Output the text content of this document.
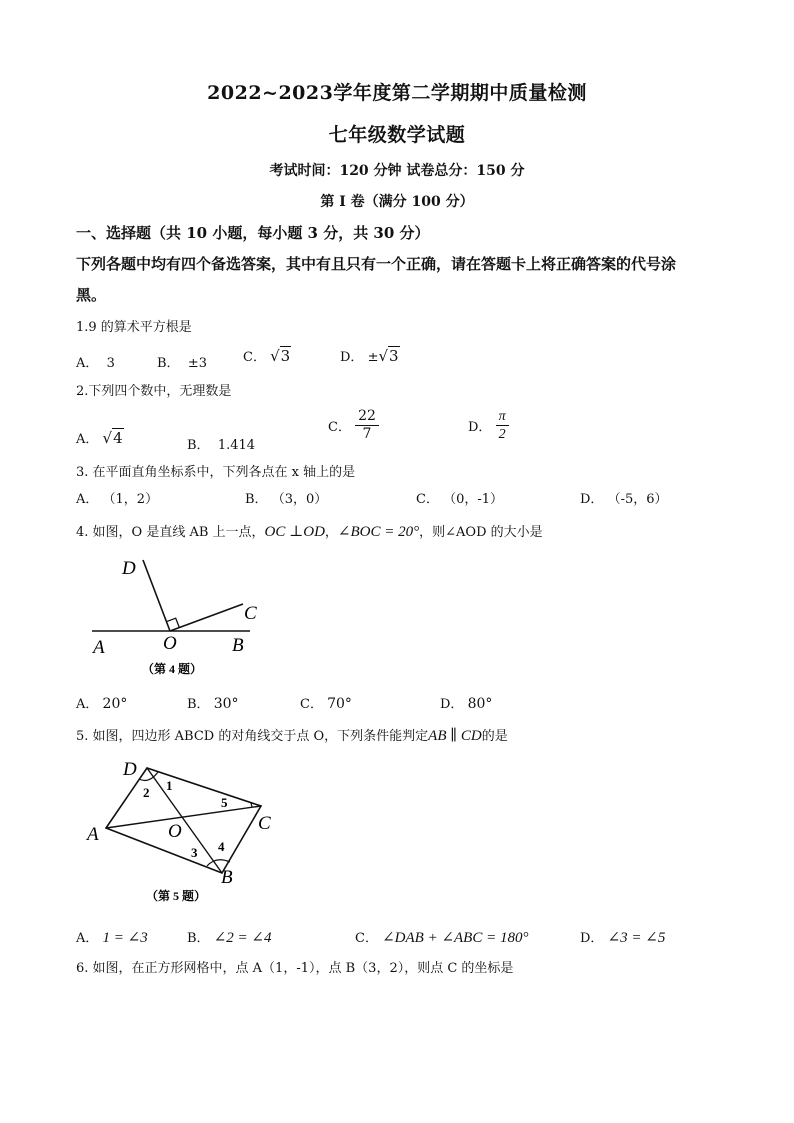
2022~2023学年度第二学期期中质量检测
七年级数学试题
考试时间：120 分钟 试卷总分：150 分
第 I 卷（满分 100 分）
一、选择题（共 10 小题，每小题 3 分，共 30 分）
下列各题中均有四个备选答案，其中有且只有一个正确，请在答题卡上将正确答案的代号涂
黑。
1.9 的算术平方根是
A． 3	B． ±3	C． √3	D． ±√3
2.下列四个数中，无理数是
A． √4	B． 1.414
C． $\frac{22}{7}$	D． $\frac{\pi}{2}$
3. 在平面直角坐标系中，下列各点在 x 轴上的是
A． （1，2）	B． （3，0）	C． （0，-1）	D． （-5，6）
4. 如图，O 是直线 AB 上一点，OC ⊥OD，∠BOC = 20°，则∠AOD 的大小是
D
C
O
A	B
（第 4 题）
A． 20°	B． 30°	C． 70°	D． 80°
5. 如图，四边形 ABCD 的对角线交于点 O，下列条件能判定AB ∥ CD的是
D
A
B
C
O
1
2
3 4
5
（第 5 题）
A． 1 = ∠3	B． ∠2 = ∠4	C． ∠DAB + ∠ABC = 180°	D． ∠3 = ∠5
6. 如图，在正方形网格中，点 A（1，-1），点 B（3，2），则点 C 的坐标是
